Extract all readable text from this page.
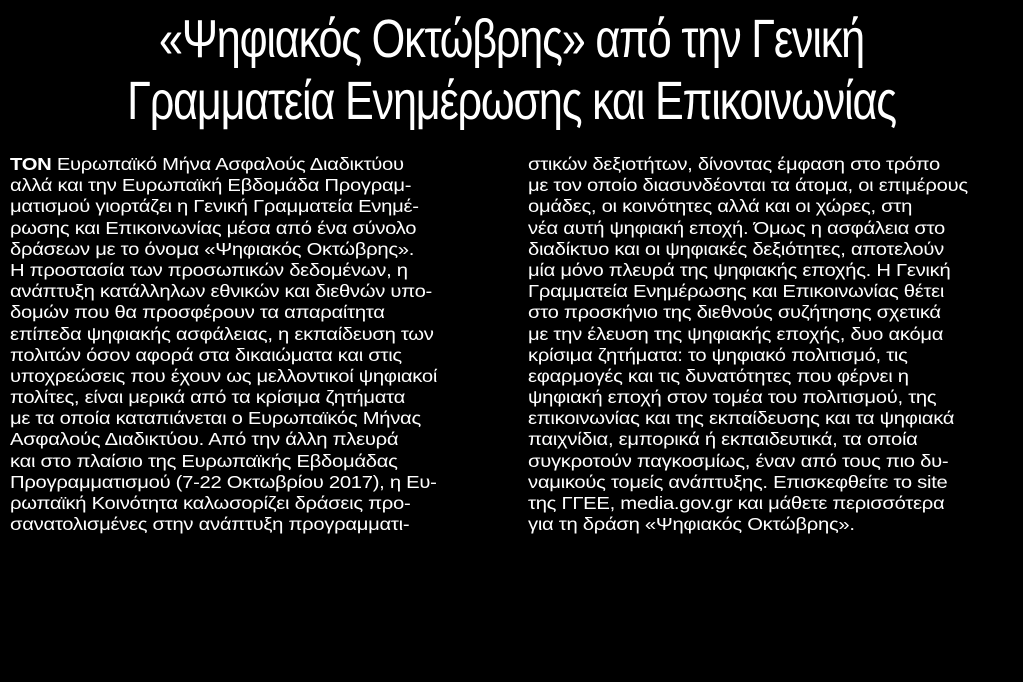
«Ψηφιακός Οκτώβρης» από την Γενική
Γραμματεία Ενημέρωσης και Επικοινωνίας
ΤΟΝ Ευρωπαϊκό Μήνα Ασφαλούς Διαδικτύου
αλλά και την Ευρωπαϊκή Εβδομάδα Προγραμ-
ματισμού γιορτάζει η Γενική Γραμματεία Ενημέ-
ρωσης και Επικοινωνίας μέσα από ένα σύνολο
δράσεων με το όνομα «Ψηφιακός Οκτώβρης».
Η προστασία των προσωπικών δεδομένων, η
ανάπτυξη κατάλληλων εθνικών και διεθνών υπο-
δομών που θα προσφέρουν τα απαραίτητα
επίπεδα ψηφιακής ασφάλειας, η εκπαίδευση των
πολιτών όσον αφορά στα δικαιώματα και στις
υποχρεώσεις που έχουν ως μελλοντικοί ψηφιακοί
πολίτες, είναι μερικά από τα κρίσιμα ζητήματα
με τα οποία καταπιάνεται ο Ευρωπαϊκός Μήνας
Ασφαλούς Διαδικτύου. Από την άλλη πλευρά
και στο πλαίσιο της Ευρωπαϊκής Εβδομάδας
Προγραμματισμού (7-22 Οκτωβρίου 2017), η Ευ-
ρωπαϊκή Κοινότητα καλωσορίζει δράσεις προ-
σανατολισμένες στην ανάπτυξη προγραμματι-
στικών δεξιοτήτων, δίνοντας έμφαση στο τρόπο
με τον οποίο διασυνδέονται τα άτομα, οι επιμέρους
ομάδες, οι κοινότητες αλλά και οι χώρες, στη
νέα αυτή ψηφιακή εποχή. Όμως η ασφάλεια στο
διαδίκτυο και οι ψηφιακές δεξιότητες, αποτελούν
μία μόνο πλευρά της ψηφιακής εποχής. Η Γενική
Γραμματεία Ενημέρωσης και Επικοινωνίας θέτει
στο προσκήνιο της διεθνούς συζήτησης σχετικά
με την έλευση της ψηφιακής εποχής, δυο ακόμα
κρίσιμα ζητήματα: το ψηφιακό πολιτισμό, τις
εφαρμογές και τις δυνατότητες που φέρνει η
ψηφιακή εποχή στον τομέα του πολιτισμού, της
επικοινωνίας και της εκπαίδευσης και τα ψηφιακά
παιχνίδια, εμπορικά ή εκπαιδευτικά, τα οποία
συγκροτούν παγκοσμίως, έναν από τους πιο δυ-
ναμικούς τομείς ανάπτυξης. Επισκεφθείτε το site
της ΓΓΕΕ, media.gov.gr και μάθετε περισσότερα
για τη δράση «Ψηφιακός Οκτώβρης».
